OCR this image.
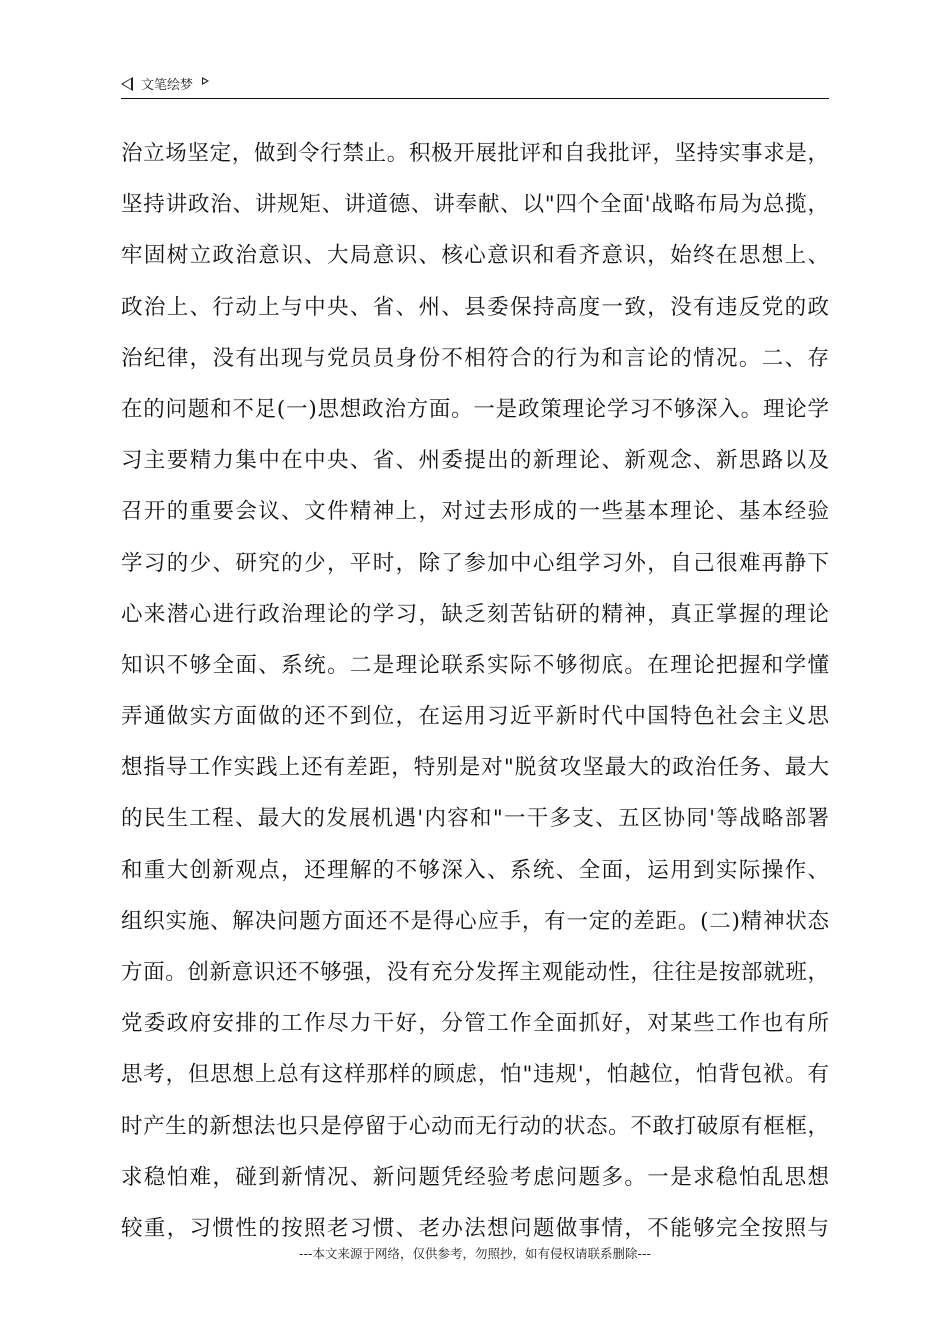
文笔绘梦
治立场坚定，做到令行禁止。积极开展批评和自我批评，坚持实事求是，
坚持讲政治、讲规矩、讲道德、讲奉献、以"四个全面'战略布局为总揽，
牢固树立政治意识、大局意识、核心意识和看齐意识，始终在思想上、
政治上、行动上与中央、省、州、县委保持高度一致，没有违反党的政
治纪律，没有出现与党员员身份不相符合的行为和言论的情况。二、存
在的问题和不足(一)思想政治方面。一是政策理论学习不够深入。理论学
习主要精力集中在中央、省、州委提出的新理论、新观念、新思路以及
召开的重要会议、文件精神上，对过去形成的一些基本理论、基本经验
学习的少、研究的少，平时，除了参加中心组学习外，自己很难再静下
心来潜心进行政治理论的学习，缺乏刻苦钻研的精神，真正掌握的理论
知识不够全面、系统。二是理论联系实际不够彻底。在理论把握和学懂
弄通做实方面做的还不到位，在运用习近平新时代中国特色社会主义思
想指导工作实践上还有差距，特别是对"脱贫攻坚最大的政治任务、最大
的民生工程、最大的发展机遇'内容和"一干多支、五区协同'等战略部署
和重大创新观点，还理解的不够深入、系统、全面，运用到实际操作、
组织实施、解决问题方面还不是得心应手，有一定的差距。(二)精神状态
方面。创新意识还不够强，没有充分发挥主观能动性，往往是按部就班，
党委政府安排的工作尽力干好，分管工作全面抓好，对某些工作也有所
思考，但思想上总有这样那样的顾虑，怕"违规'，怕越位，怕背包袱。有
时产生的新想法也只是停留于心动而无行动的状态。不敢打破原有框框，
求稳怕难，碰到新情况、新问题凭经验考虑问题多。一是求稳怕乱思想
较重，习惯性的按照老习惯、老办法想问题做事情，不能够完全按照与
---本文来源于网络，仅供参考，勿照抄，如有侵权请联系删除---
